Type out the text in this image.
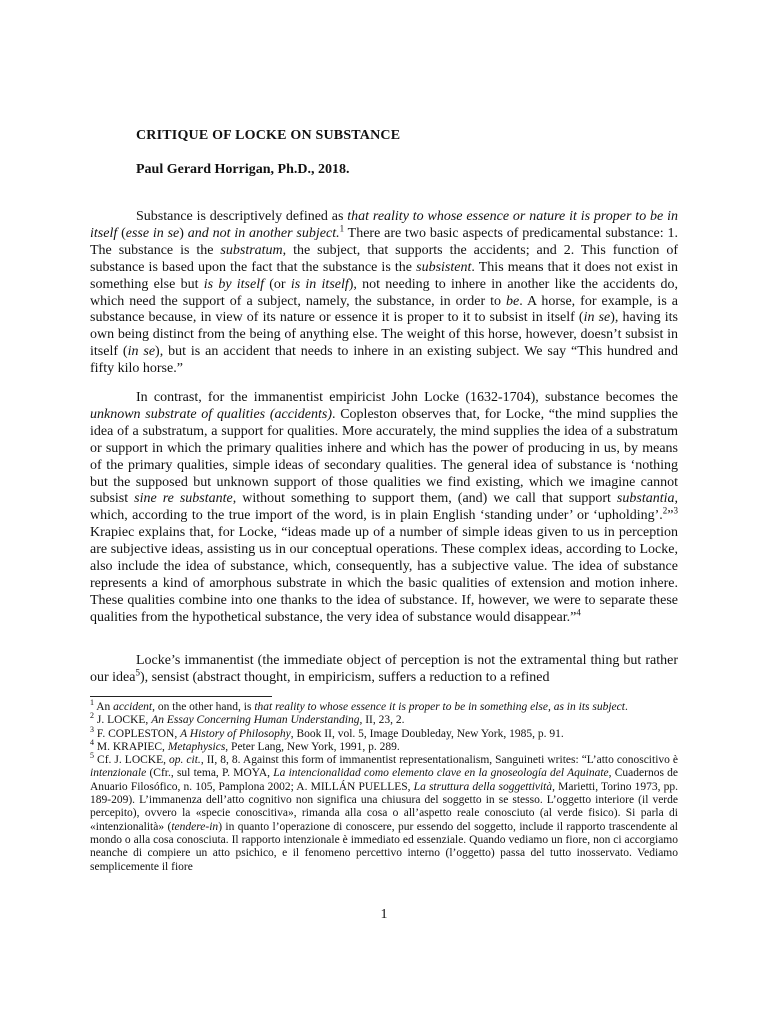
CRITIQUE OF LOCKE ON SUBSTANCE
Paul Gerard Horrigan, Ph.D., 2018.

Substance is descriptively defined as that reality to whose essence or nature it is proper to be in itself (esse in se) and not in another subject.$^1$ There are two basic aspects of predicamental substance: 1. The substance is the substratum, the subject, that supports the accidents; and 2. This function of substance is based upon the fact that the substance is the subsistent. This means that it does not exist in something else but is by itself (or is in itself), not needing to inhere in another like the accidents do, which need the support of a subject, namely, the substance, in order to be. A horse, for example, is a substance because, in view of its nature or essence it is proper to it to subsist in itself (in se), having its own being distinct from the being of anything else. The weight of this horse, however, doesn’t subsist in itself (in se), but is an accident that needs to inhere in an existing subject. We say “This hundred and fifty kilo horse.”

In contrast, for the immanentist empiricist John Locke (1632-1704), substance becomes the unknown substrate of qualities (accidents). Copleston observes that, for Locke, “the mind supplies the idea of a substratum, a support for qualities. More accurately, the mind supplies the idea of a substratum or support in which the primary qualities inhere and which has the power of producing in us, by means of the primary qualities, simple ideas of secondary qualities. The general idea of substance is ‘nothing but the supposed but unknown support of those qualities we find existing, which we imagine cannot subsist sine re substante, without something to support them, (and) we call that support substantia, which, according to the true import of the word, is in plain English ‘standing under’ or ‘upholding’.$^2$”$^3$ Krapiec explains that, for Locke, “ideas made up of a number of simple ideas given to us in perception are subjective ideas, assisting us in our conceptual operations. These complex ideas, according to Locke, also include the idea of substance, which, consequently, has a subjective value. The idea of substance represents a kind of amorphous substrate in which the basic qualities of extension and motion inhere. These qualities combine into one thanks to the idea of substance. If, however, we were to separate these qualities from the hypothetical substance, the very idea of substance would disappear.”$^4$

Locke’s immanentist (the immediate object of perception is not the extramental thing but rather our idea$^5$), sensist (abstract thought, in empiricism, suffers a reduction to a refined

$^1$ An accident, on the other hand, is that reality to whose essence it is proper to be in something else, as in its subject.

$^2$ J. LOCKE, An Essay Concerning Human Understanding, II, 23, 2.

$^3$ F. COPLESTON, A History of Philosophy, Book II, vol. 5, Image Doubleday, New York, 1985, p. 91.

$^4$ M. KRAPIEC, Metaphysics, Peter Lang, New York, 1991, p. 289.

$^5$ Cf. J. LOCKE, op. cit., II, 8, 8. Against this form of immanentist representationalism, Sanguineti writes: “L’atto conoscitivo è intenzionale (Cfr., sul tema, P. MOYA, La intencionalidad como elemento clave en la gnoseología del Aquinate, Cuadernos de Anuario Filosófico, n. 105, Pamplona 2002; A. MILLÁN PUELLES, La struttura della soggettività, Marietti, Torino 1973, pp. 189-209). L’immanenza dell’atto cognitivo non significa una chiusura del soggetto in se stesso. L’oggetto interiore (il verde percepito), ovvero la «specie conoscitiva», rimanda alla cosa o all’aspetto reale conosciuto (al verde fisico). Si parla di «intenzionalità» (tendere-in) in quanto l’operazione di conoscere, pur essendo del soggetto, include il rapporto trascendente al mondo o alla cosa conosciuta. Il rapporto intenzionale è immediato ed essenziale. Quando vediamo un fiore, non ci accorgiamo neanche di compiere un atto psichico, e il fenomeno percettivo interno (l’oggetto) passa del tutto inosservato. Vediamo semplicemente il fiore

1
